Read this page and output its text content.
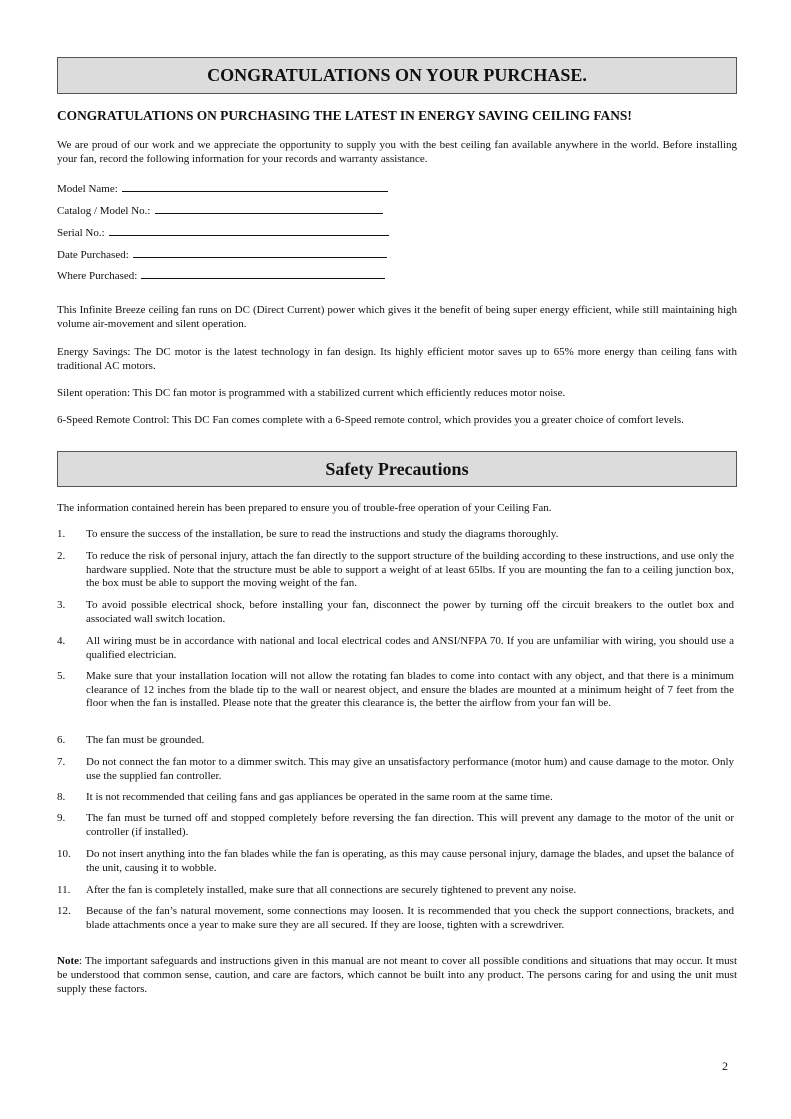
CONGRATULATIONS ON YOUR PURCHASE.
CONGRATULATIONS ON PURCHASING THE LATEST IN ENERGY SAVING CEILING FANS!
We are proud of our work and we appreciate the opportunity to supply you with the best ceiling fan available anywhere in the world. Before installing your fan, record the following information for your records and warranty assistance.
Model Name:
Catalog / Model No.:
Serial No.:
Date Purchased:
Where Purchased:
This Infinite Breeze ceiling fan runs on DC (Direct Current) power which gives it the benefit of being super energy efficient, while still maintaining high volume air-movement and silent operation.
Energy Savings: The DC motor is the latest technology in fan design. Its highly efficient motor saves up to 65% more energy than ceiling fans with traditional AC motors.
Silent operation: This DC fan motor is programmed with a stabilized current which efficiently reduces motor noise.
6-Speed Remote Control: This DC Fan comes complete with a 6-Speed remote control, which provides you a greater choice of comfort levels.
Safety Precautions
The information contained herein has been prepared to ensure you of trouble-free operation of your Ceiling Fan.
1.	To ensure the success of the installation, be sure to read the instructions and study the diagrams thoroughly.
2.	To reduce the risk of personal injury, attach the fan directly to the support structure of the building according to these instructions, and use only the hardware supplied. Note that the structure must be able to support a weight of at least 65lbs. If you are mounting the fan to a ceiling junction box, the box must be able to support the moving weight of the fan.
3.	To avoid possible electrical shock, before installing your fan, disconnect the power by turning off the circuit breakers to the outlet box and associated wall switch location.
4.	All wiring must be in accordance with national and local electrical codes and ANSI/NFPA 70. If you are unfamiliar with wiring, you should use a qualified electrician.
5.	Make sure that your installation location will not allow the rotating fan blades to come into contact with any object, and that there is a minimum clearance of 12 inches from the blade tip to the wall or nearest object, and ensure the blades are mounted at a minimum height of 7 feet from the floor when the fan is installed. Please note that the greater this clearance is, the better the airflow from your fan will be.
6.	The fan must be grounded.
7.	Do not connect the fan motor to a dimmer switch. This may give an unsatisfactory performance (motor hum) and cause damage to the motor. Only use the supplied fan controller.
8.	It is not recommended that ceiling fans and gas appliances be operated in the same room at the same time.
9.	The fan must be turned off and stopped completely before reversing the fan direction. This will prevent any damage to the motor of the unit or controller (if installed).
10.	Do not insert anything into the fan blades while the fan is operating, as this may cause personal injury, damage the blades, and upset the balance of the unit, causing it to wobble.
11.	After the fan is completely installed, make sure that all connections are securely tightened to prevent any noise.
12.	Because of the fan’s natural movement, some connections may loosen. It is recommended that you check the support connections, brackets, and blade attachments once a year to make sure they are all secured. If they are loose, tighten with a screwdriver.
Note: The important safeguards and instructions given in this manual are not meant to cover all possible conditions and situations that may occur. It must be understood that common sense, caution, and care are factors, which cannot be built into any product. The persons caring for and using the unit must supply these factors.
2
